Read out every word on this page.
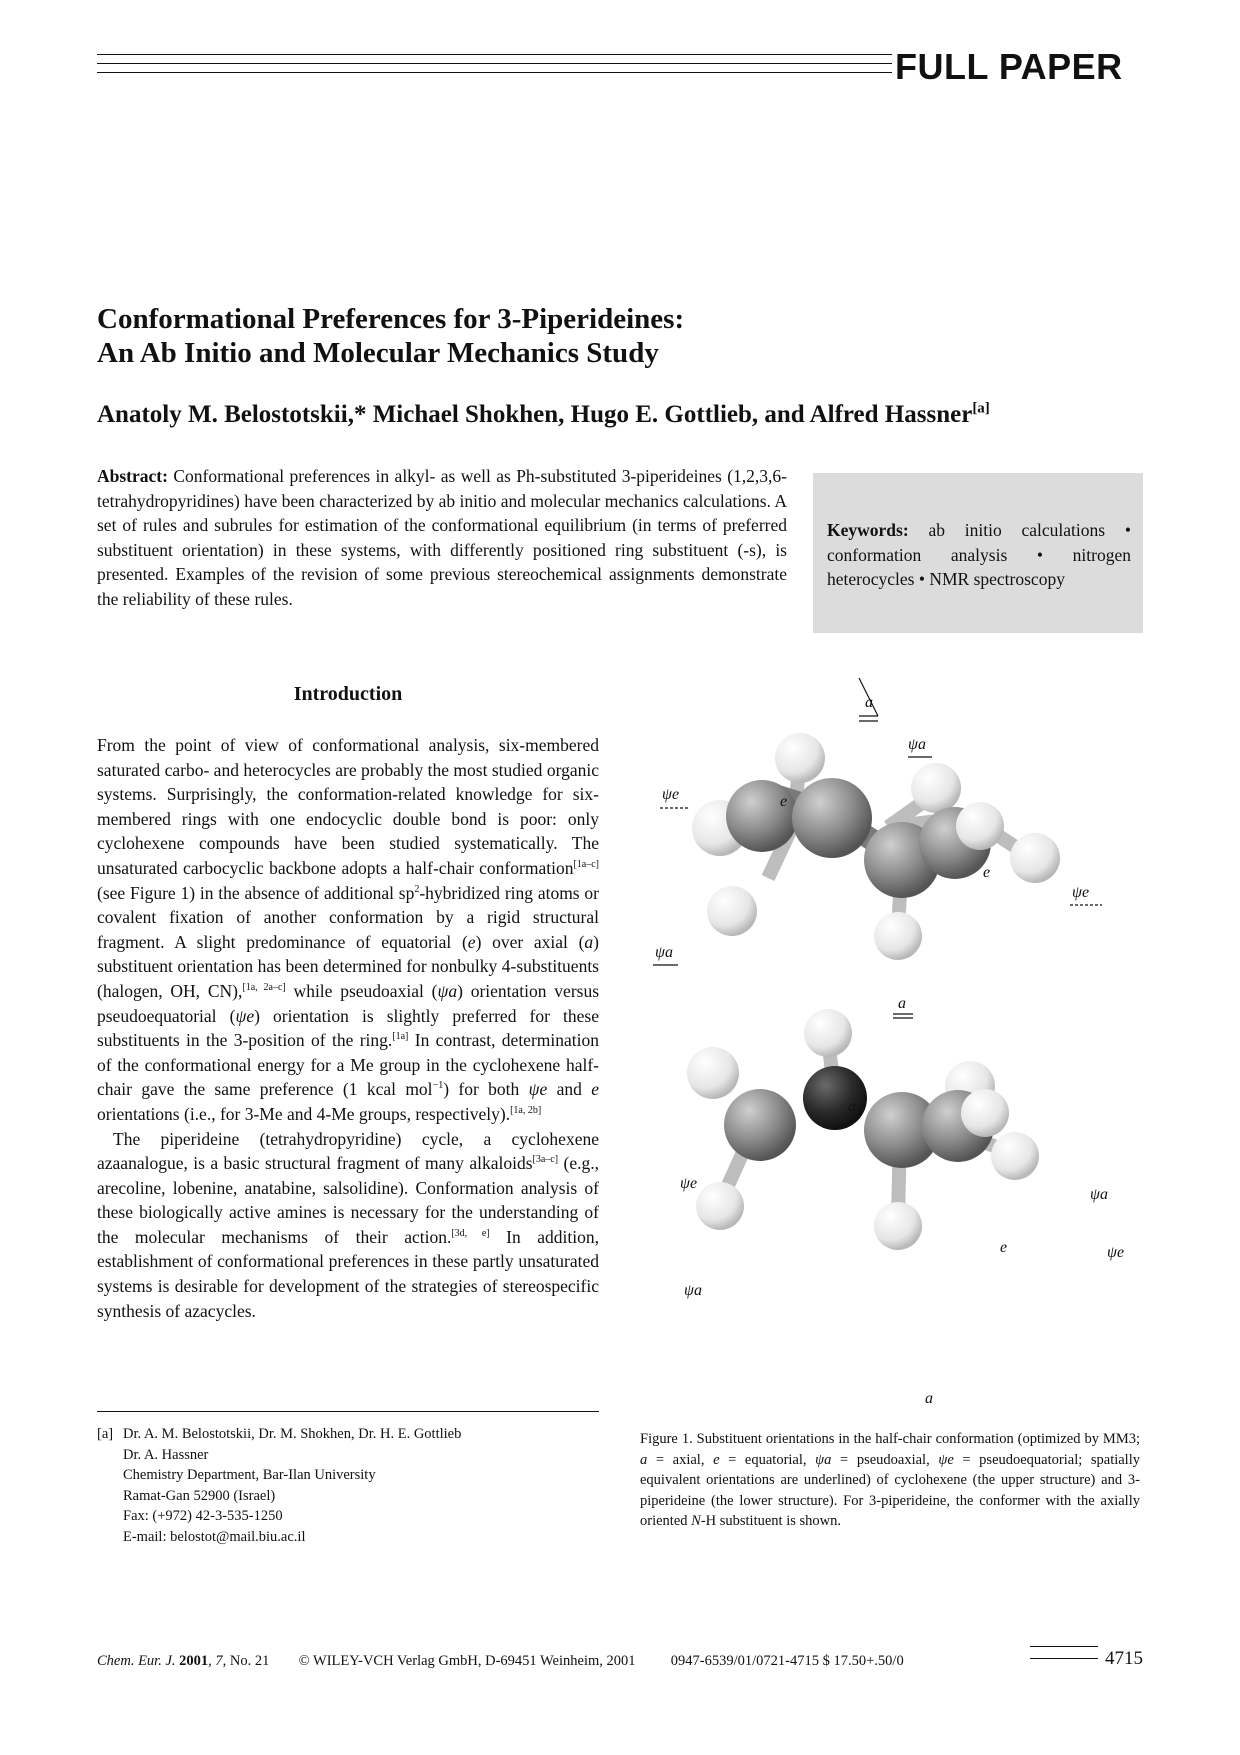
FULL PAPER
Conformational Preferences for 3-Piperideines:
An Ab Initio and Molecular Mechanics Study
Anatoly M. Belostotskii,* Michael Shokhen, Hugo E. Gottlieb, and Alfred Hassner[a]
Abstract: Conformational preferences in alkyl- as well as Ph-substituted 3-piperideines (1,2,3,6-tetrahydropyridines) have been characterized by ab initio and molecular mechanics calculations. A set of rules and subrules for estimation of the conformational equilibrium (in terms of preferred substituent orientation) in these systems, with differently positioned ring substituent (-s), is presented. Examples of the revision of some previous stereochemical assignments demonstrate the reliability of these rules.
Keywords: ab initio calculations • conformation analysis • nitrogen heterocycles • NMR spectroscopy
Introduction

From the point of view of conformational analysis, six-membered saturated carbo- and heterocycles are probably the most studied organic systems. Surprisingly, the conformation-related knowledge for six-membered rings with one endocyclic double bond is poor: only cyclohexene compounds have been studied systematically. The unsaturated carbocyclic backbone adopts a half-chair conformation[1a–c] (see Figure 1) in the absence of additional $sp^2$-hybridized ring atoms or covalent fixation of another conformation by a rigid structural fragment. A slight predominance of equatorial (e) over axial (a) substituent orientation has been determined for nonbulky 4-substituents (halogen, OH, CN),[1a, 2a–c] while pseudoaxial (ψa) orientation versus pseudoequatorial (ψe) orientation is slightly preferred for these substituents in the 3-position of the ring.[1a] In contrast, determination of the conformational energy for a Me group in the cyclohexene half-chair gave the same preference (1 kcal mol$^{-1}$) for both ψe and e orientations (i.e., for 3-Me and 4-Me groups, respectively).[1a, 2b]

The piperideine (tetrahydropyridine) cycle, a cyclohexene azaanalogue, is a basic structural fragment of many alkaloids[3a–c] (e.g., arecoline, lobenine, anatabine, salsolidine). Conformation analysis of these biologically active amines is necessary for the understanding of the molecular mechanisms of their action.[3d, e] In addition, establishment of conformational preferences in these partly unsaturated systems is desirable for development of the strategies of stereospecific synthesis of azacycles.

[a] Dr. A. M. Belostotskii, Dr. M. Shokhen, Dr. H. E. Gottlieb
Dr. A. Hassner
Chemistry Department, Bar-Ilan University
Ramat-Gan 52900 (Israel)
Fax: (+972) 42-3-535-1250
E-mail: belostot@mail.biu.ac.il
a
ψa
ψe	e
e
ψe
ψa
a
a
ψe
ψa
e	ψe
ψa
a
Figure 1. Substituent orientations in the half-chair conformation (optimized by MM3; a = axial, e = equatorial, ψa = pseudoaxial, ψe = pseudoequatorial; spatially equivalent orientations are underlined) of cyclohexene (the upper structure) and 3-piperideine (the lower structure). For 3-piperideine, the conformer with the axially oriented N-H substituent is shown.
Chem. Eur. J. 2001, 7, No. 21 © WILEY-VCH Verlag GmbH, D-69451 Weinheim, 2001 0947-6539/01/0721-4715 $ 17.50+.50/0	4715
